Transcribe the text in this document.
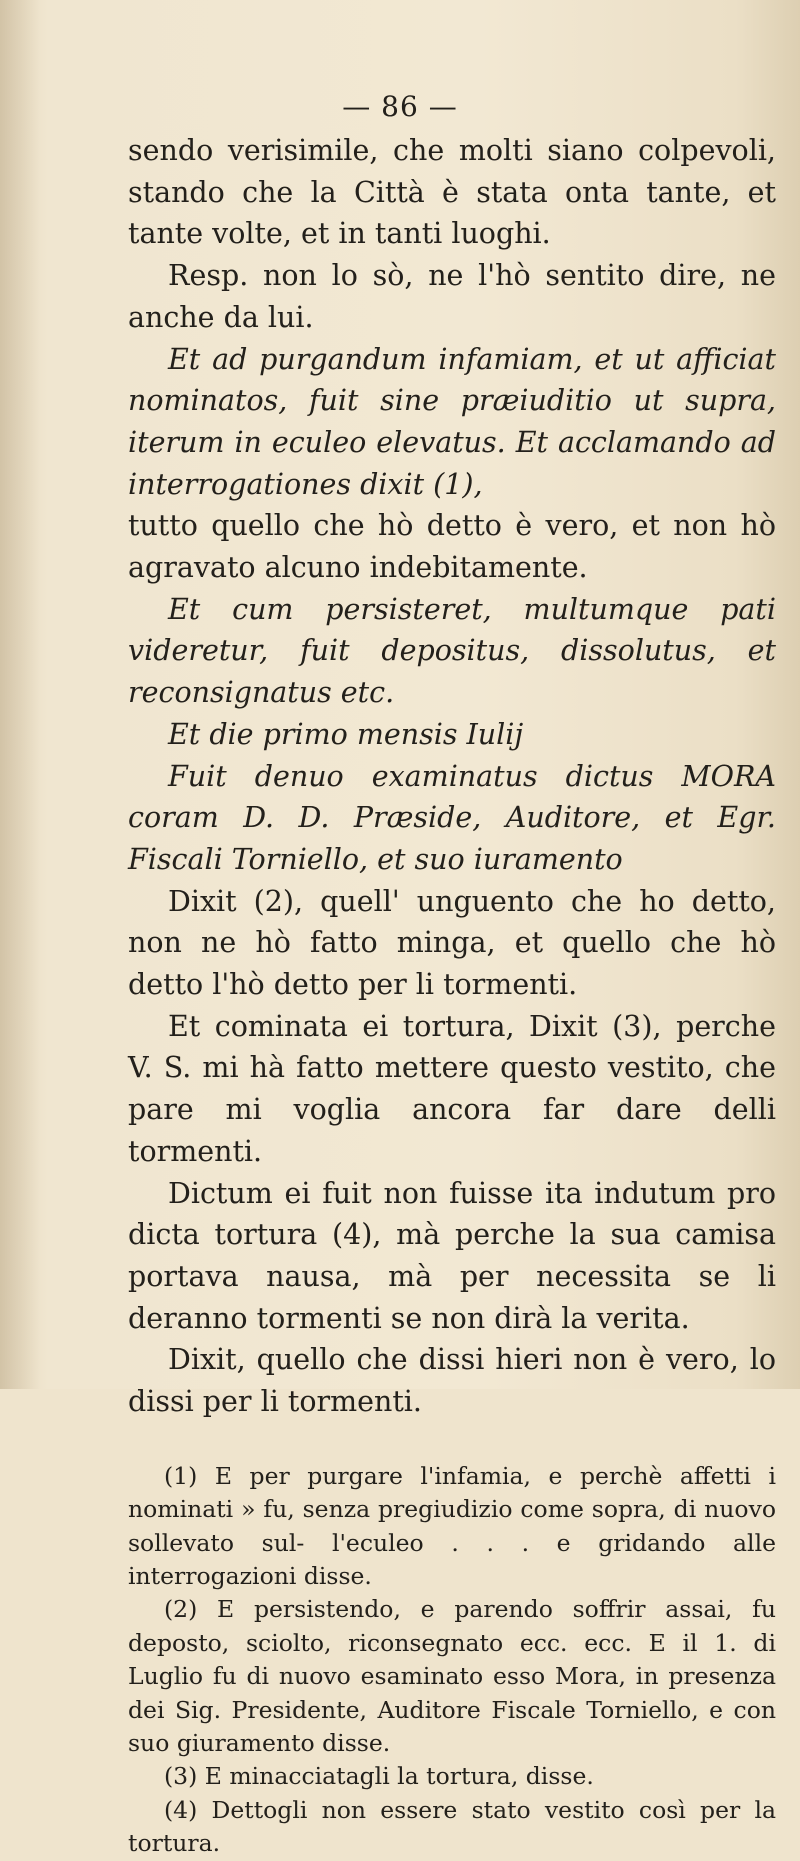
— 86 —

sendo verisimile, che molti siano colpevoli, stando che la Città è stata onta tante, et tante volte, et in tanti luoghi.

Resp. non lo sò, ne l'hò sentito dire, ne anche da lui.

Et ad purgandum infamiam, et ut afficiat nominatos, fuit sine præiuditio ut supra, iterum in eculeo elevatus. Et acclamando ad interrogationes dixit (1),

tutto quello che hò detto è vero, et non hò agravato alcuno indebitamente.

Et cum persisteret, multumque pati videretur, fuit depositus, dissolutus, et reconsignatus etc.

Et die primo mensis Iulij

Fuit denuo examinatus dictus MORA coram D. D. Præside, Auditore, et Egr. Fiscali Torniello, et suo iuramento

Dixit (2), quell' unguento che ho detto, non ne hò fatto minga, et quello che hò detto l'hò detto per li tormenti.

Et cominata ei tortura, Dixit (3), perche V. S. mi hà fatto mettere questo vestito, che pare mi voglia ancora far dare delli tormenti.

Dictum ei fuit non fuisse ita indutum pro dicta tortura (4), mà perche la sua camisa portava nausa, mà per necessita se li deranno tormenti se non dirà la verita.

Dixit, quello che dissi hieri non è vero, lo dissi per li tormenti.

(1) E per purgare l'infamia, e perchè affetti i nominati » fu, senza pregiudizio come sopra, di nuovo sollevato sul- l'eculeo . . . e gridando alle interrogazioni disse.

(2) E persistendo, e parendo soffrir assai, fu deposto, sciolto, riconsegnato ecc. ecc. E il 1. di Luglio fu di nuovo esaminato esso Mora, in presenza dei Sig. Presidente, Auditore Fiscale Torniello, e con suo giuramento disse.

(3) E minacciatagli la tortura, disse.

(4) Dettogli non essere stato vestito così per la tortura.
